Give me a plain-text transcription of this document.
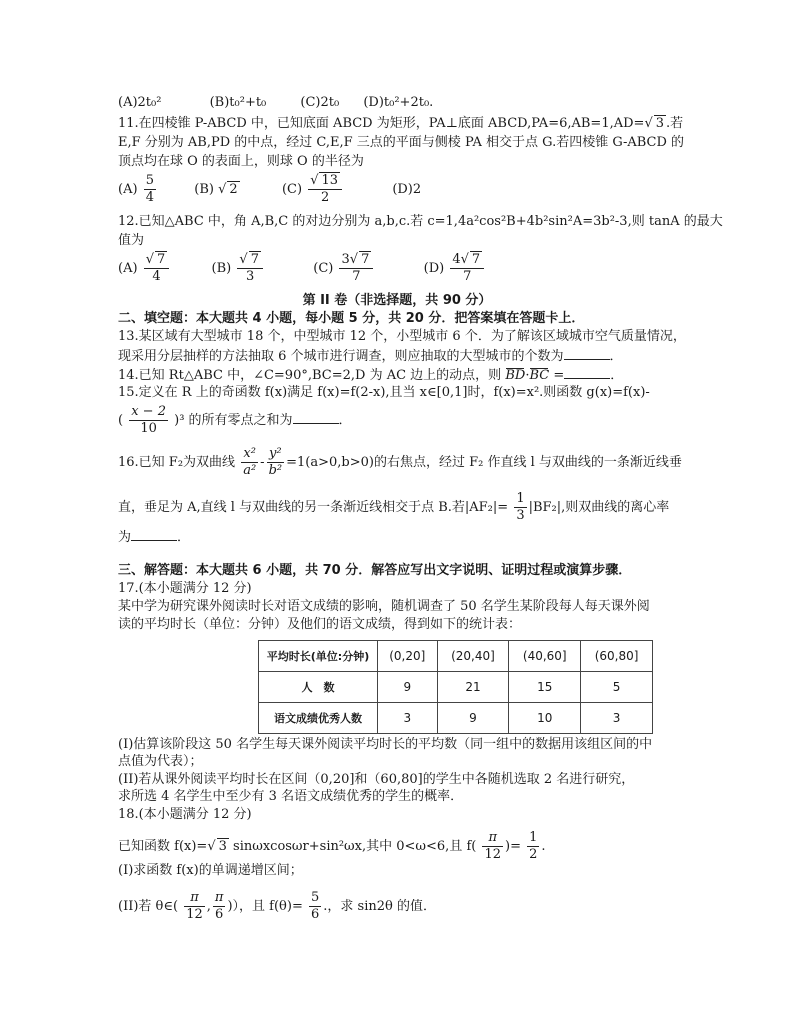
(A)2t₀²	(B)t₀²+t₀	(C)2t₀ (D)t₀²+2t₀.
11.在四棱锥 P-ABCD 中，已知底面 ABCD 为矩形，PA⊥底面 ABCD,PA=6,AB=1,AD=√ 3 .若
E,F 分别为 AB,PD 的中点，经过 C,E,F 三点的平面与侧棱 PA 相交于点 G.若四棱锥 G-ABCD 的
顶点均在球 O 的表面上，则球 O 的半径为
$(A) \frac{5}{4}$	(B) √ 2	$(C) \frac{√ 13}{2}$	(D)2
12.已知△ABC 中，角 A,B,C 的对边分别为 a,b,c.若 c=1,4a²cos²B+4b²sin²A=3b²-3,则 tanA 的最大
值为
$(A) \frac{√ 7}{4}$	$(B) \frac{√ 7}{3}$	$(C) \frac{3√ 7}{7}$	$(D) \frac{4√ 7}{7}$
第 II 卷（非选择题，共 90 分）
二、填空题：本大题共 4 小题，每小题 5 分，共 20 分．把答案填在答题卡上．
13.某区域有大型城市 18 个，中型城市 12 个，小型城市 6 个．为了解该区域城市空气质量情况，
现采用分层抽样的方法抽取 6 个城市进行调查，则应抽取的大型城市的个数为	．
14.已知 Rt△ABC 中，∠C=90°,BC=2,D 为 AC 边上的动点，则 BD·BC =	．
15.定义在 R 上的奇函数 f(x)满足 f(x)=f(2-x),且当 x∈[0,1]时，f(x)=x².则函数 g(x)=f(x)-
( $\frac{x - 2}{10} )^3$ 的所有零点之和为	．
16.已知 F₂为双曲线 $\frac{\text{x²}}{\text{a²}} - \frac{\text{y²}}{\text{b²}} =1(a>0,b>0)$的右焦点，经过 F₂ 作直线 l 与双曲线的一条渐近线垂
直，垂足为 A,直线 l 与双曲线的另一条渐近线相交于点 B.若$|AF_2|= \frac{1}{3} |BF_2|$,则双曲线的离心率
为	．
三、解答题：本大题共 6 小题，共 70 分．解答应写出文字说明、证明过程或演算步骤．
17.(本小题满分 12 分)
某中学为研究课外阅读时长对语文成绩的影响，随机调查了 50 名学生某阶段每人每天课外阅
读的平均时长（单位：分钟）及他们的语文成绩，得到如下的统计表：
平均时长(单位:分钟)	(0,20]	(20,40]	(40,60]	(60,80]
人　数	9	21	15	5
语文成绩优秀人数	3	9	10	3
(I)估算该阶段这 50 名学生每天课外阅读平均时长的平均数（同一组中的数据用该组区间的中
点值为代表）；
(II)若从课外阅读平均时长在区间（0,20]和（60,80]的学生中各随机选取 2 名进行研究，
求所选 4 名学生中至少有 3 名语文成绩优秀的学生的概率．
18.(本小题满分 12 分)
已知函数 f(x)=√ 3 sinωxcosωr+sin²ωx,其中 0<ω<6,且 $f( \frac{\pi}{12}$ )= $\frac{1}{2}$ .
(I)求函数 f(x)的单调递增区间；
(II)若 θ∈( $\frac{\pi}{12}$ , $\frac{\pi}{6}$ )），且 $f(\theta)= \frac{5}{6}$ .，求 sin2θ 的值．
